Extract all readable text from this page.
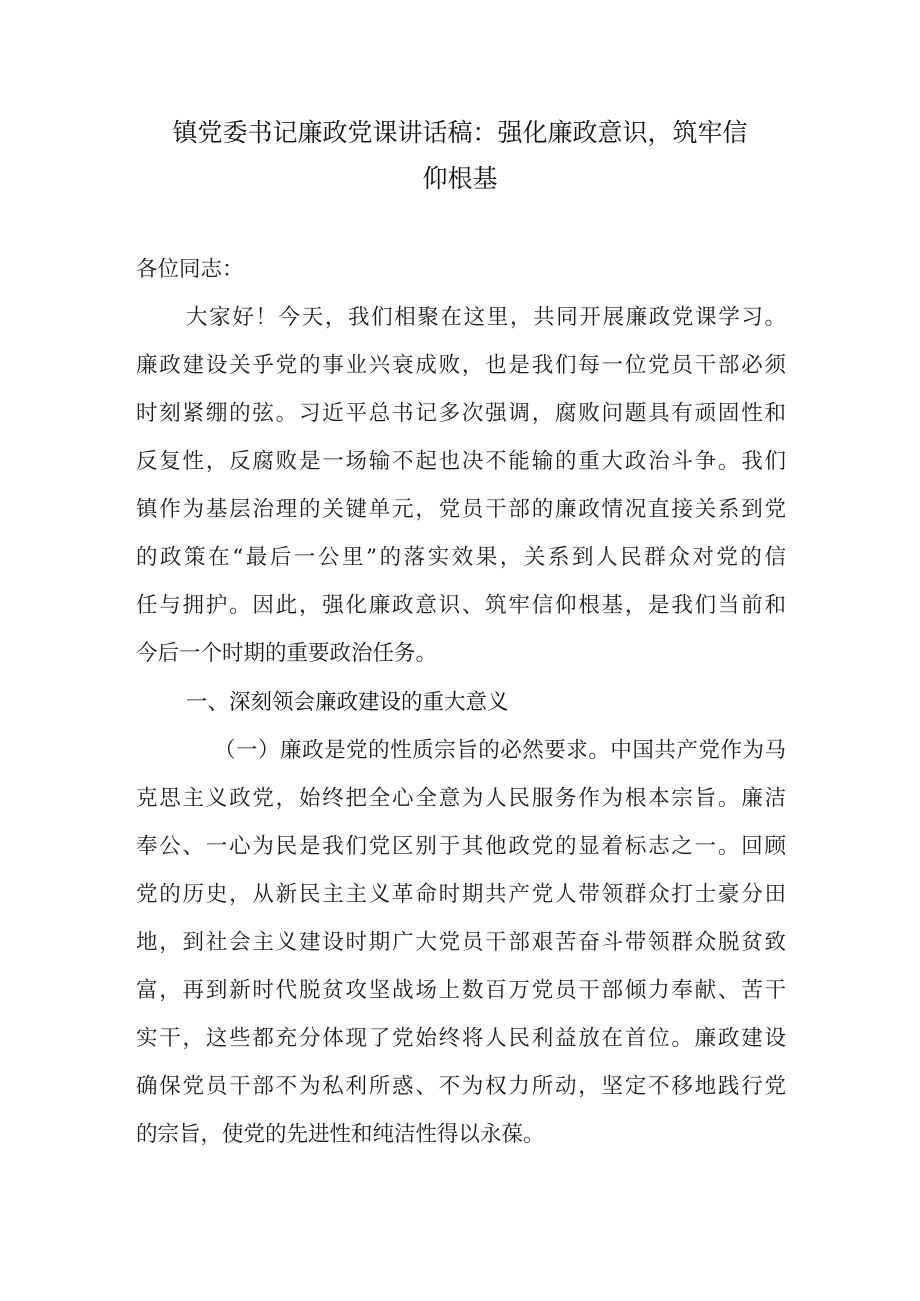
镇党委书记廉政党课讲话稿：强化廉政意识，筑牢信
仰根基
各位同志：
大家好！今天，我们相聚在这里，共同开展廉政党课学习。
廉政建设关乎党的事业兴衰成败，也是我们每一位党员干部必须
时刻紧绷的弦。习近平总书记多次强调，腐败问题具有顽固性和
反复性，反腐败是一场输不起也决不能输的重大政治斗争。我们
镇作为基层治理的关键单元，党员干部的廉政情况直接关系到党
的政策在“最后一公里”的落实效果，关系到人民群众对党的信
任与拥护。因此，强化廉政意识、筑牢信仰根基，是我们当前和
今后一个时期的重要政治任务。
一、深刻领会廉政建设的重大意义
（一）廉政是党的性质宗旨的必然要求。中国共产党作为马
克思主义政党，始终把全心全意为人民服务作为根本宗旨。廉洁
奉公、一心为民是我们党区别于其他政党的显着标志之一。回顾
党的历史，从新民主主义革命时期共产党人带领群众打士豪分田
地，到社会主义建设时期广大党员干部艰苦奋斗带领群众脱贫致
富，再到新时代脱贫攻坚战场上数百万党员干部倾力奉献、苦干
实干，这些都充分体现了党始终将人民利益放在首位。廉政建设
确保党员干部不为私利所惑、不为权力所动，坚定不移地践行党
的宗旨，使党的先进性和纯洁性得以永葆。
